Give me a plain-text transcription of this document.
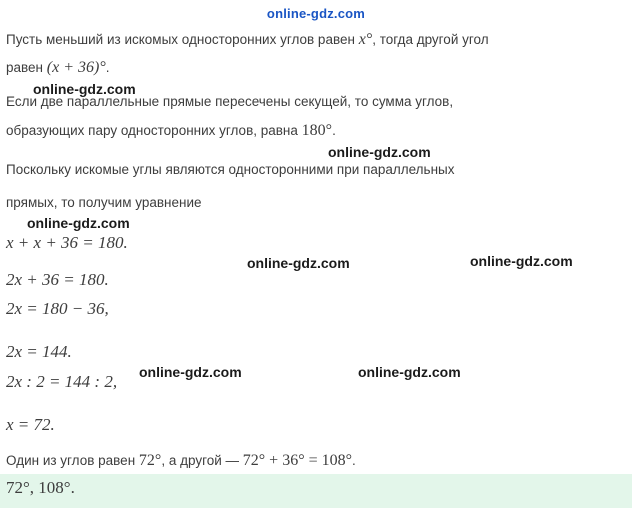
online-gdz.com
Пусть меньший из искомых односторонних углов равен x°, тогда другой угол
равен (x + 36)°.
Если две параллельные прямые пересечены секущей, то сумма углов,
образующих пару односторонних углов, равна 180°.
Поскольку искомые углы являются односторонними при параллельных
прямых, то получим уравнение
x + x + 36 = 180.
2x + 36 = 180.
2x = 180 − 36,
2x = 144.
2x : 2 = 144 : 2,
x = 72.
Один из углов равен 72°, а другой — 72° + 36° = 108°.
72°, 108°.
online-gdz.com
online-gdz.com
online-gdz.com
online-gdz.com	online-gdz.com
online-gdz.com	online-gdz.com
